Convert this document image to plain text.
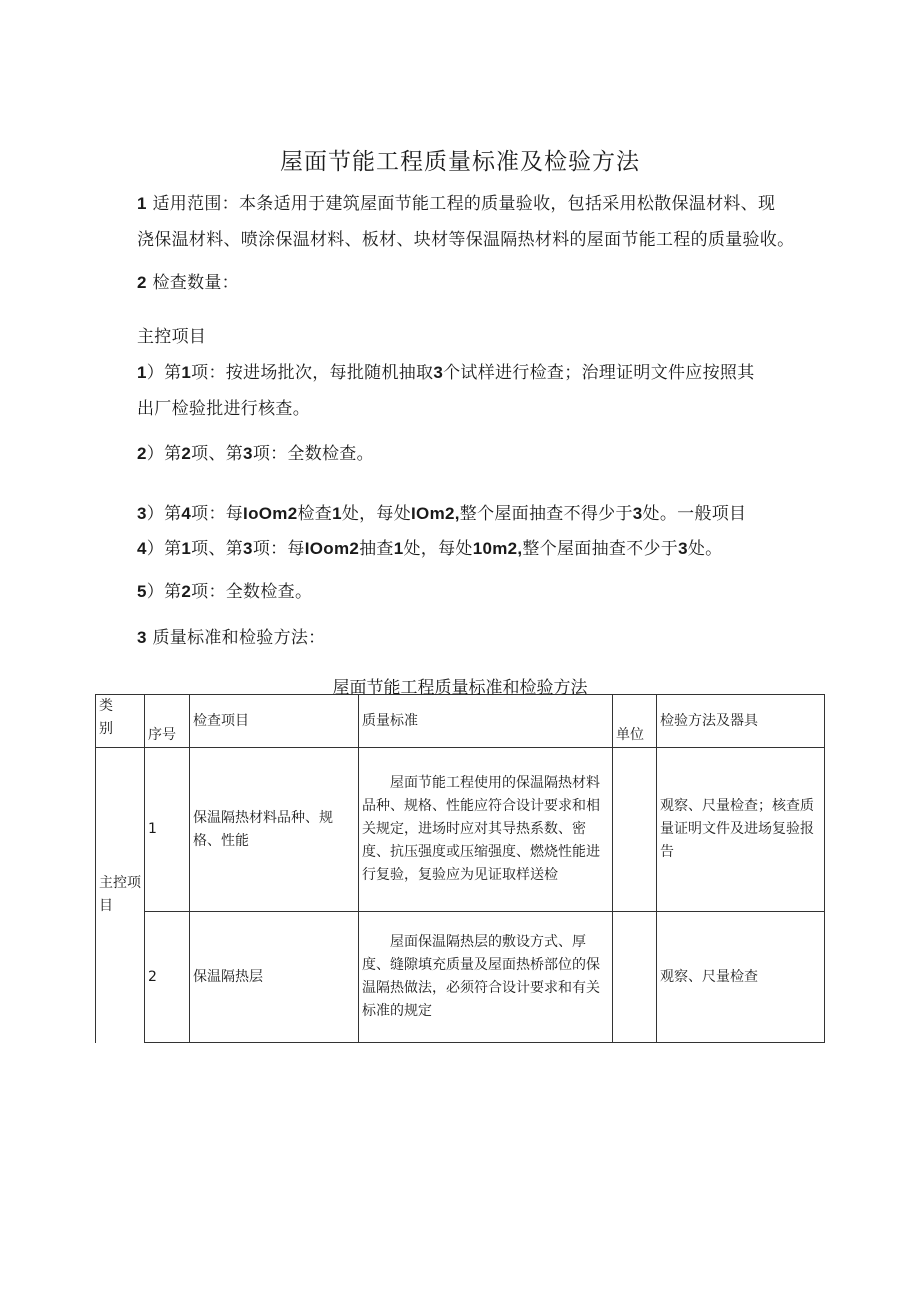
屋面节能工程质量标准及检验方法
1 适用范围：本条适用于建筑屋面节能工程的质量验收，包括采用松散保温材料、现
浇保温材料、喷涂保温材料、板材、块材等保温隔热材料的屋面节能工程的质量验收。
2 检查数量：
主控项目
1）第1项：按进场批次，每批随机抽取3个试样进行检查；治理证明文件应按照其
出厂检验批进行核查。
2）第2项、第3项：全数检查。
3）第4项：每IoOm2检查1处，每处IOm2,整个屋面抽查不得少于3处。一般项目
4）第1项、第3项：每IOom2抽查1处，每处10m2,整个屋面抽查不少于3处。
5）第2项：全数检查。
3 质量标准和检验方法：
屋面节能工程质量标准和检验方法
类
别	序号	检查项目	质量标准	单位	检验方法及器具
主控项
目	1	保温隔热材料品种、规格、性能	屋面节能工程使用的保温隔热材料品种、规格、性能应符合设计要求和相关规定，进场时应对其导热系数、密度、抗压强度或压缩强度、燃烧性能进行复验，复验应为见证取样送检		观察、尺量检查；核查质量证明文件及进场复验报告
	2	保温隔热层	屋面保温隔热层的敷设方式、厚度、缝隙填充质量及屋面热桥部位的保温隔热做法，必须符合设计要求和有关标准的规定		观察、尺量检查
